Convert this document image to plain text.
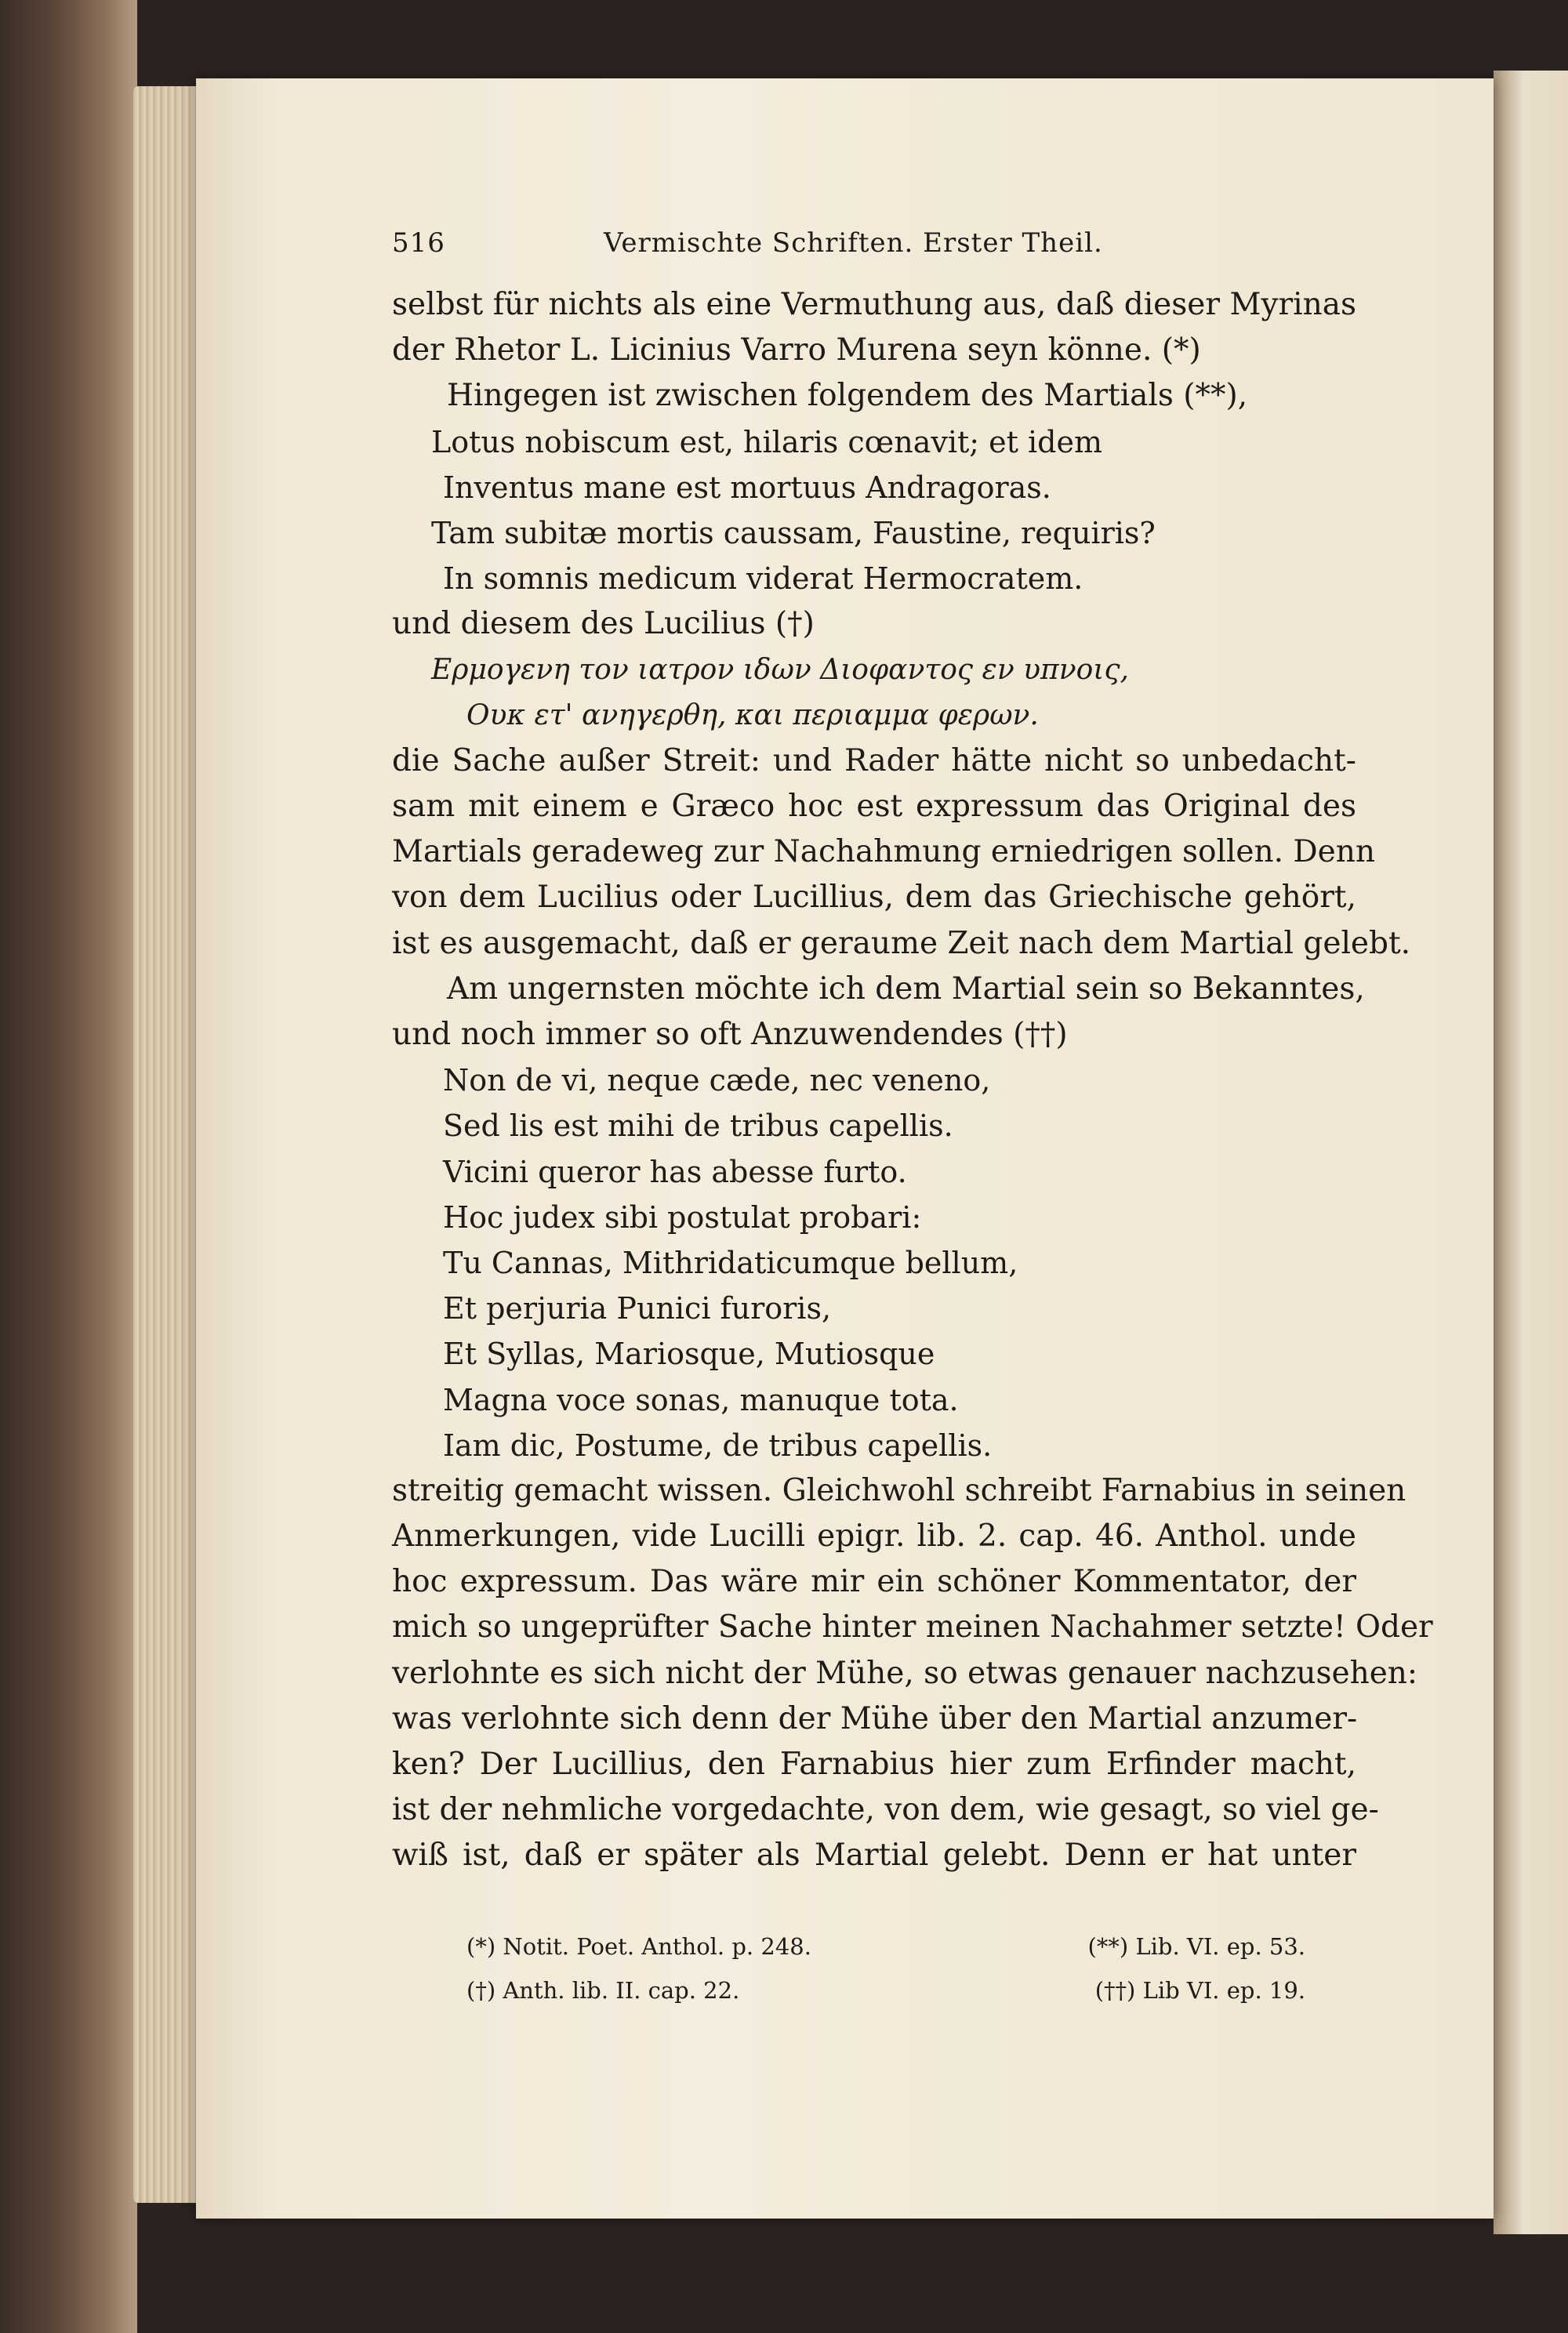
516	Vermischte Schriften. Erster Theil.
selbst für nichts als eine Vermuthung aus, daß dieser Myrinas
der Rhetor L. Licinius Varro Murena seyn könne. (*)
Hingegen ist zwischen folgendem des Martials (**),
Lotus nobiscum est, hilaris cœnavit; et idem
Inventus mane est mortuus Andragoras.
Tam subitæ mortis caussam, Faustine, requiris?
In somnis medicum viderat Hermocratem.
und diesem des Lucilius (†)
Ερμογενη τον ιατρον ιδων Διοφαντος εν υπνοις,
Ουκ ετ' ανηγερθη, και περιαμμα φερων.
die Sache außer Streit: und Rader hätte nicht so unbedacht-
sam mit einem e Græco hoc est expressum das Original des
Martials geradeweg zur Nachahmung erniedrigen sollen. Denn
von dem Lucilius oder Lucillius, dem das Griechische gehört,
ist es ausgemacht, daß er geraume Zeit nach dem Martial gelebt.
Am ungernsten möchte ich dem Martial sein so Bekanntes,
und noch immer so oft Anzuwendendes (††)
Non de vi, neque cæde, nec veneno,
Sed lis est mihi de tribus capellis.
Vicini queror has abesse furto.
Hoc judex sibi postulat probari:
Tu Cannas, Mithridaticumque bellum,
Et perjuria Punici furoris,
Et Syllas, Mariosque, Mutiosque
Magna voce sonas, manuque tota.
Iam dic, Postume, de tribus capellis.
streitig gemacht wissen. Gleichwohl schreibt Farnabius in seinen
Anmerkungen, vide Lucilli epigr. lib. 2. cap. 46. Anthol. unde
hoc expressum. Das wäre mir ein schöner Kommentator, der
mich so ungeprüfter Sache hinter meinen Nachahmer setzte! Oder
verlohnte es sich nicht der Mühe, so etwas genauer nachzusehen:
was verlohnte sich denn der Mühe über den Martial anzumer-
ken? Der Lucillius, den Farnabius hier zum Erfinder macht,
ist der nehmliche vorgedachte, von dem, wie gesagt, so viel ge-
wiß ist, daß er später als Martial gelebt. Denn er hat unter
(*) Notit. Poet. Anthol. p. 248.	(**) Lib. VI. ep. 53.
(†) Anth. lib. II. cap. 22.	(††) Lib VI. ep. 19.
